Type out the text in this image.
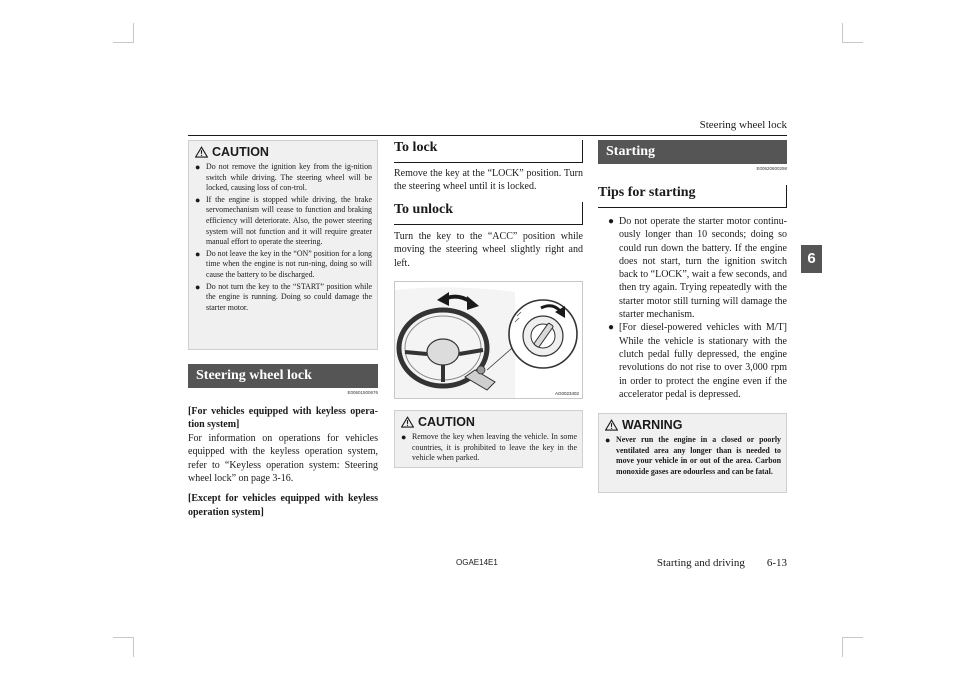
Steering wheel lock
CAUTION
● Do not remove the ignition key from the ig-nition switch while driving. The steering wheel will be locked, causing loss of con-trol.
● If the engine is stopped while driving, the brake servomechanism will cease to function and braking efficiency will deteriorate. Also, the power steering system will not function and it will require greater manual effort to operate the steering.
● Do not leave the key in the “ON” position for a long time when the engine is not run-ning, doing so will cause the battery to be discharged.
● Do not turn the key to the “START” position while the engine is running. Doing so could damage the starter motor.
Steering wheel lock
E00601500676
[For vehicles equipped with keyless opera-tion system]
For information on operations for vehicles equipped with the keyless operation system, refer to “Keyless operation system: Steering wheel lock” on page 3-16.
[Except for vehicles equipped with keyless operation system]
To lock
Remove the key at the “LOCK” position. Turn the steering wheel until it is locked.
To unlock
Turn the key to the “ACC” position while moving the steering wheel slightly right and left.
AG0023402
CAUTION
● Remove the key when leaving the vehicle. In some countries, it is prohibited to leave the key in the vehicle when parked.
Starting
E00620600298
Tips for starting
● Do not operate the starter motor continu-ously longer than 10 seconds; doing so could run down the battery. If the engine does not start, turn the ignition switch back to “LOCK”, wait a few seconds, and then try again. Trying repeatedly with the starter motor still turning will damage the starter mechanism.
● [For diesel-powered vehicles with M/T] While the vehicle is stationary with the clutch pedal fully depressed, the engine revolutions do not rise to over 3,000 rpm in order to protect the engine even if the accelerator pedal is depressed.
WARNING
● Never run the engine in a closed or poorly ventilated area any longer than is needed to move your vehicle in or out of the area. Carbon monoxide gases are odourless and can be fatal.
6
OGAE14E1	Starting and driving 6-13
